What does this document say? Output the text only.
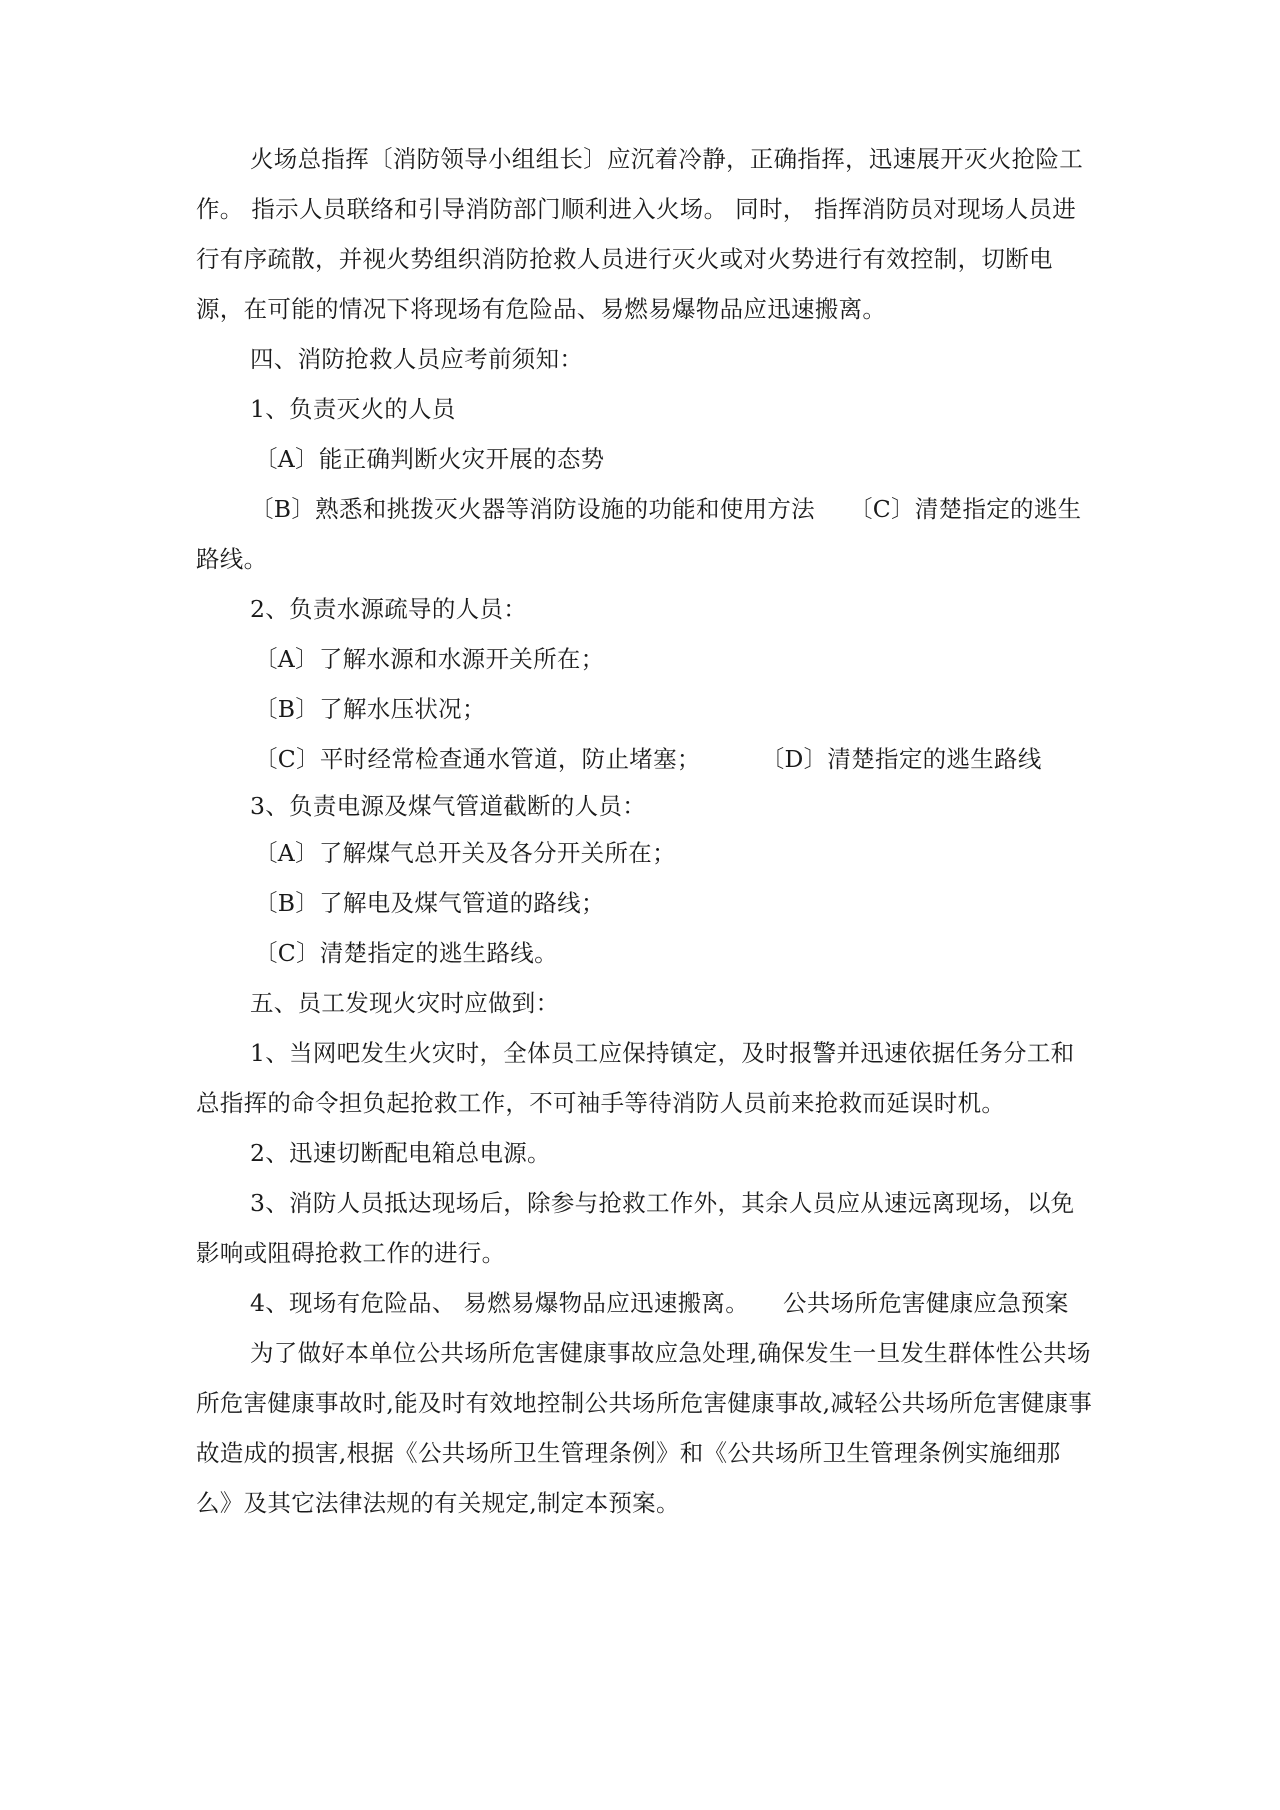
火场总指挥〔消防领导小组组长〕应沉着冷静，正确指挥，迅速展开灭火抢险工作。 指示人员联络和引导消防部门顺利进入火场。 同时， 指挥消防员对现场人员进行有序疏散，并视火势组织消防抢救人员进行灭火或对火势进行有效控制，切断电源，在可能的情况下将现场有危险品、易燃易爆物品应迅速搬离。

四、消防抢救人员应考前须知：

1、负责灭火的人员

〔A〕能正确判断火灾开展的态势

〔B〕熟悉和挑拨灭火器等消防设施的功能和使用方法 〔C〕清楚指定的逃生路线。

2、负责水源疏导的人员：

〔A〕了解水源和水源开关所在；

〔B〕了解水压状况；

〔C〕平时经常检查通水管道，防止堵塞；	〔D〕清楚指定的逃生路线

3、负责电源及煤气管道截断的人员：

〔A〕了解煤气总开关及各分开关所在；

〔B〕了解电及煤气管道的路线；

〔C〕清楚指定的逃生路线。

五、员工发现火灾时应做到：

1、当网吧发生火灾时，全体员工应保持镇定，及时报警并迅速依据任务分工和总指挥的命令担负起抢救工作，不可袖手等待消防人员前来抢救而延误时机。

2、迅速切断配电箱总电源。

3、消防人员抵达现场后，除参与抢救工作外，其余人员应从速远离现场，以免影响或阻碍抢救工作的进行。

4、现场有危险品、 易燃易爆物品应迅速搬离。 公共场所危害健康应急预案

为了做好本单位公共场所危害健康事故应急处理,确保发生一旦发生群体性公共场所危害健康事故时,能及时有效地控制公共场所危害健康事故,减轻公共场所危害健康事故造成的损害,根据《公共场所卫生管理条例》和《公共场所卫生管理条例实施细那么》及其它法律法规的有关规定,制定本预案。
